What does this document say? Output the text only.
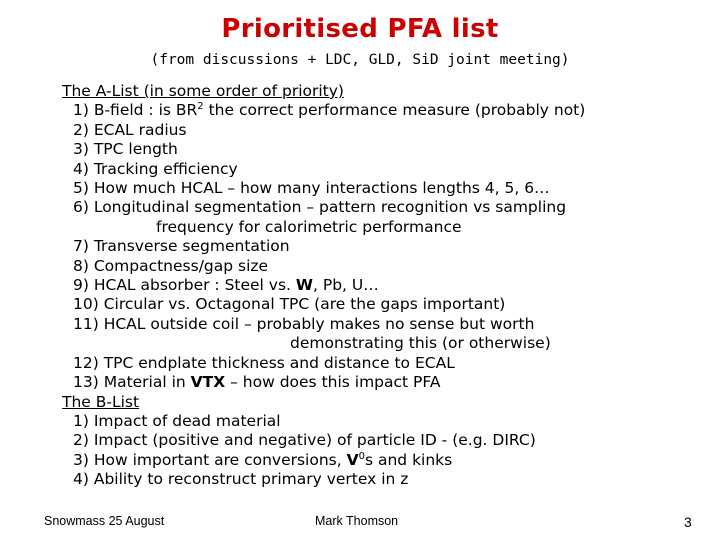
Prioritised PFA list
(from discussions + LDC, GLD, SiD joint meeting)
The A-List (in some order of priority)
1) B-field : is $BR^2$ the correct performance measure (probably not)
2) ECAL radius
3) TPC length
4) Tracking efficiency
5) How much HCAL – how many interactions lengths 4, 5, 6…
6) Longitudinal segmentation – pattern recognition vs sampling
frequency for calorimetric performance
7) Transverse segmentation
8) Compactness/gap size
9) HCAL absorber : Steel vs. W, Pb, U…
10) Circular vs. Octagonal TPC (are the gaps important)
11) HCAL outside coil – probably makes no sense but worth
demonstrating this (or otherwise)
12) TPC endplate thickness and distance to ECAL
13) Material in VTX – how does this impact PFA
The B-List
1) Impact of dead material
2) Impact (positive and negative) of particle ID - (e.g. DIRC)
3) How important are conversions, $V^0s$ and kinks
4) Ability to reconstruct primary vertex in z
Snowmass 25 August	Mark Thomson	3
